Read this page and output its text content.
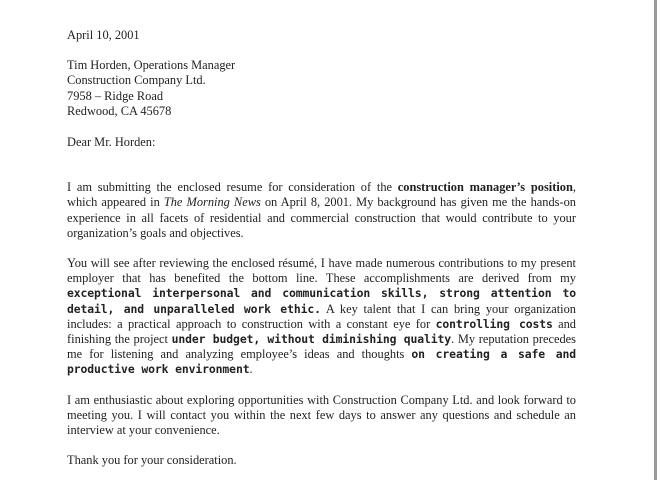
April 10, 2001

Tim Horden, Operations Manager

Construction Company Ltd.

7958 – Ridge Road

Redwood, CA 45678

Dear Mr. Horden:

I am submitting the enclosed resume for consideration of the construction manager’s position, which appeared in The Morning News on April 8, 2001. My background has given me the hands-on experience in all facets of residential and commercial construction that would contribute to your organization’s goals and objectives.

You will see after reviewing the enclosed résumé, I have made numerous contributions to my present employer that has benefited the bottom line. These accomplishments are derived from my exceptional interpersonal and communication skills, strong attention to detail, and unparalleled work ethic. A key talent that I can bring your organization includes: a practical approach to construction with a constant eye for controlling costs and finishing the project under budget, without diminishing quality. My reputation precedes me for listening and analyzing employee’s ideas and thoughts on creating a safe and productive work environment.

I am enthusiastic about exploring opportunities with Construction Company Ltd. and look forward to meeting you. I will contact you within the next few days to answer any questions and schedule an interview at your convenience.

Thank you for your consideration.
